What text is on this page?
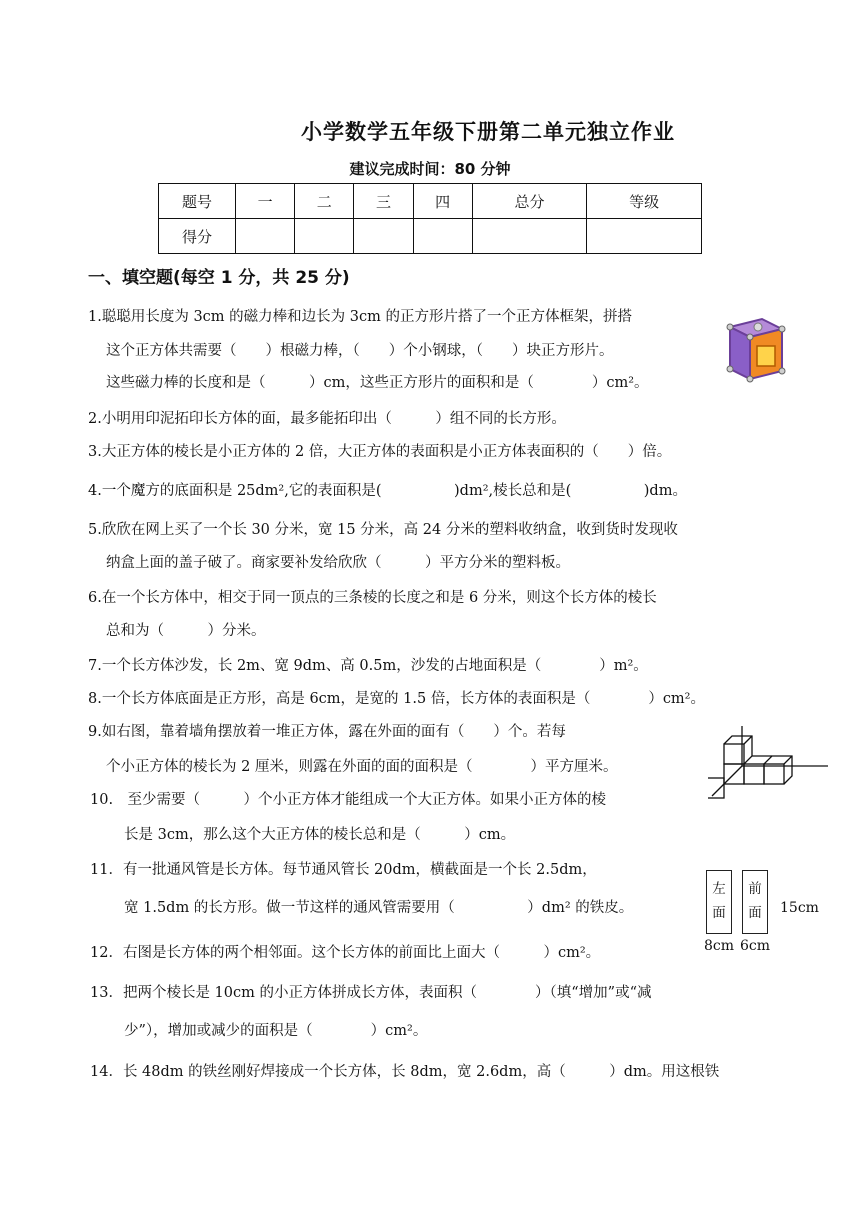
小学数学五年级下册第二单元独立作业
建议完成时间：80 分钟
题号	一	二	三	四	总分	等级
得分						
一、填空题(每空 1 分，共 25 分)
1.聪聪用长度为 3cm 的磁力棒和边长为 3cm 的正方形片搭了一个正方体框架，拼搭
这个正方体共需要（　　）根磁力棒，（　　）个小钢球，（　　）块正方形片。
这些磁力棒的长度和是（　　　）cm，这些正方形片的面积和是（　　　　）cm²。
2.小明用印泥拓印长方体的面，最多能拓印出（　　　）组不同的长方形。
3.大正方体的棱长是小正方体的 2 倍，大正方体的表面积是小正方体表面积的（　　）倍。
4.一个魔方的底面积是 25dm²,它的表面积是(　　　　　)dm²,棱长总和是(　　　　　)dm。
5.欣欣在网上买了一个长 30 分米，宽 15 分米，高 24 分米的塑料收纳盒，收到货时发现收
纳盒上面的盖子破了。商家要补发给欣欣（　　　）平方分米的塑料板。
6.在一个长方体中，相交于同一顶点的三条棱的长度之和是 6 分米，则这个长方体的棱长
总和为（　　　）分米。
7.一个长方体沙发，长 2m、宽 9dm、高 0.5m，沙发的占地面积是（　　　　）m²。
8.一个长方体底面是正方形，高是 6cm，是宽的 1.5 倍，长方体的表面积是（　　　　）cm²。
9.如右图，靠着墙角摆放着一堆正方体，露在外面的面有（　　）个。若每
个小正方体的棱长为 2 厘米，则露在外面的面的面积是（　　　　）平方厘米。
10.　至少需要（　　　）个小正方体才能组成一个大正方体。如果小正方体的棱
长是 3cm，那么这个大正方体的棱长总和是（　　　）cm。
11．有一批通风管是长方体。每节通风管长 20dm，横截面是一个长 2.5dm，
宽 1.5dm 的长方形。做一节这样的通风管需要用（　　　　　）dm² 的铁皮。
12．右图是长方体的两个相邻面。这个长方体的前面比上面大（　　　）cm²。
13．把两个棱长是 10cm 的小正方体拼成长方体，表面积（　　　　）（填“增加”或“减
少”），增加或减少的面积是（　　　　）cm²。
14．长 48dm 的铁丝刚好焊接成一个长方体，长 8dm，宽 2.6dm，高（　　　）dm。用这根铁
左
面
前
面
8cm 6cm
15cm
